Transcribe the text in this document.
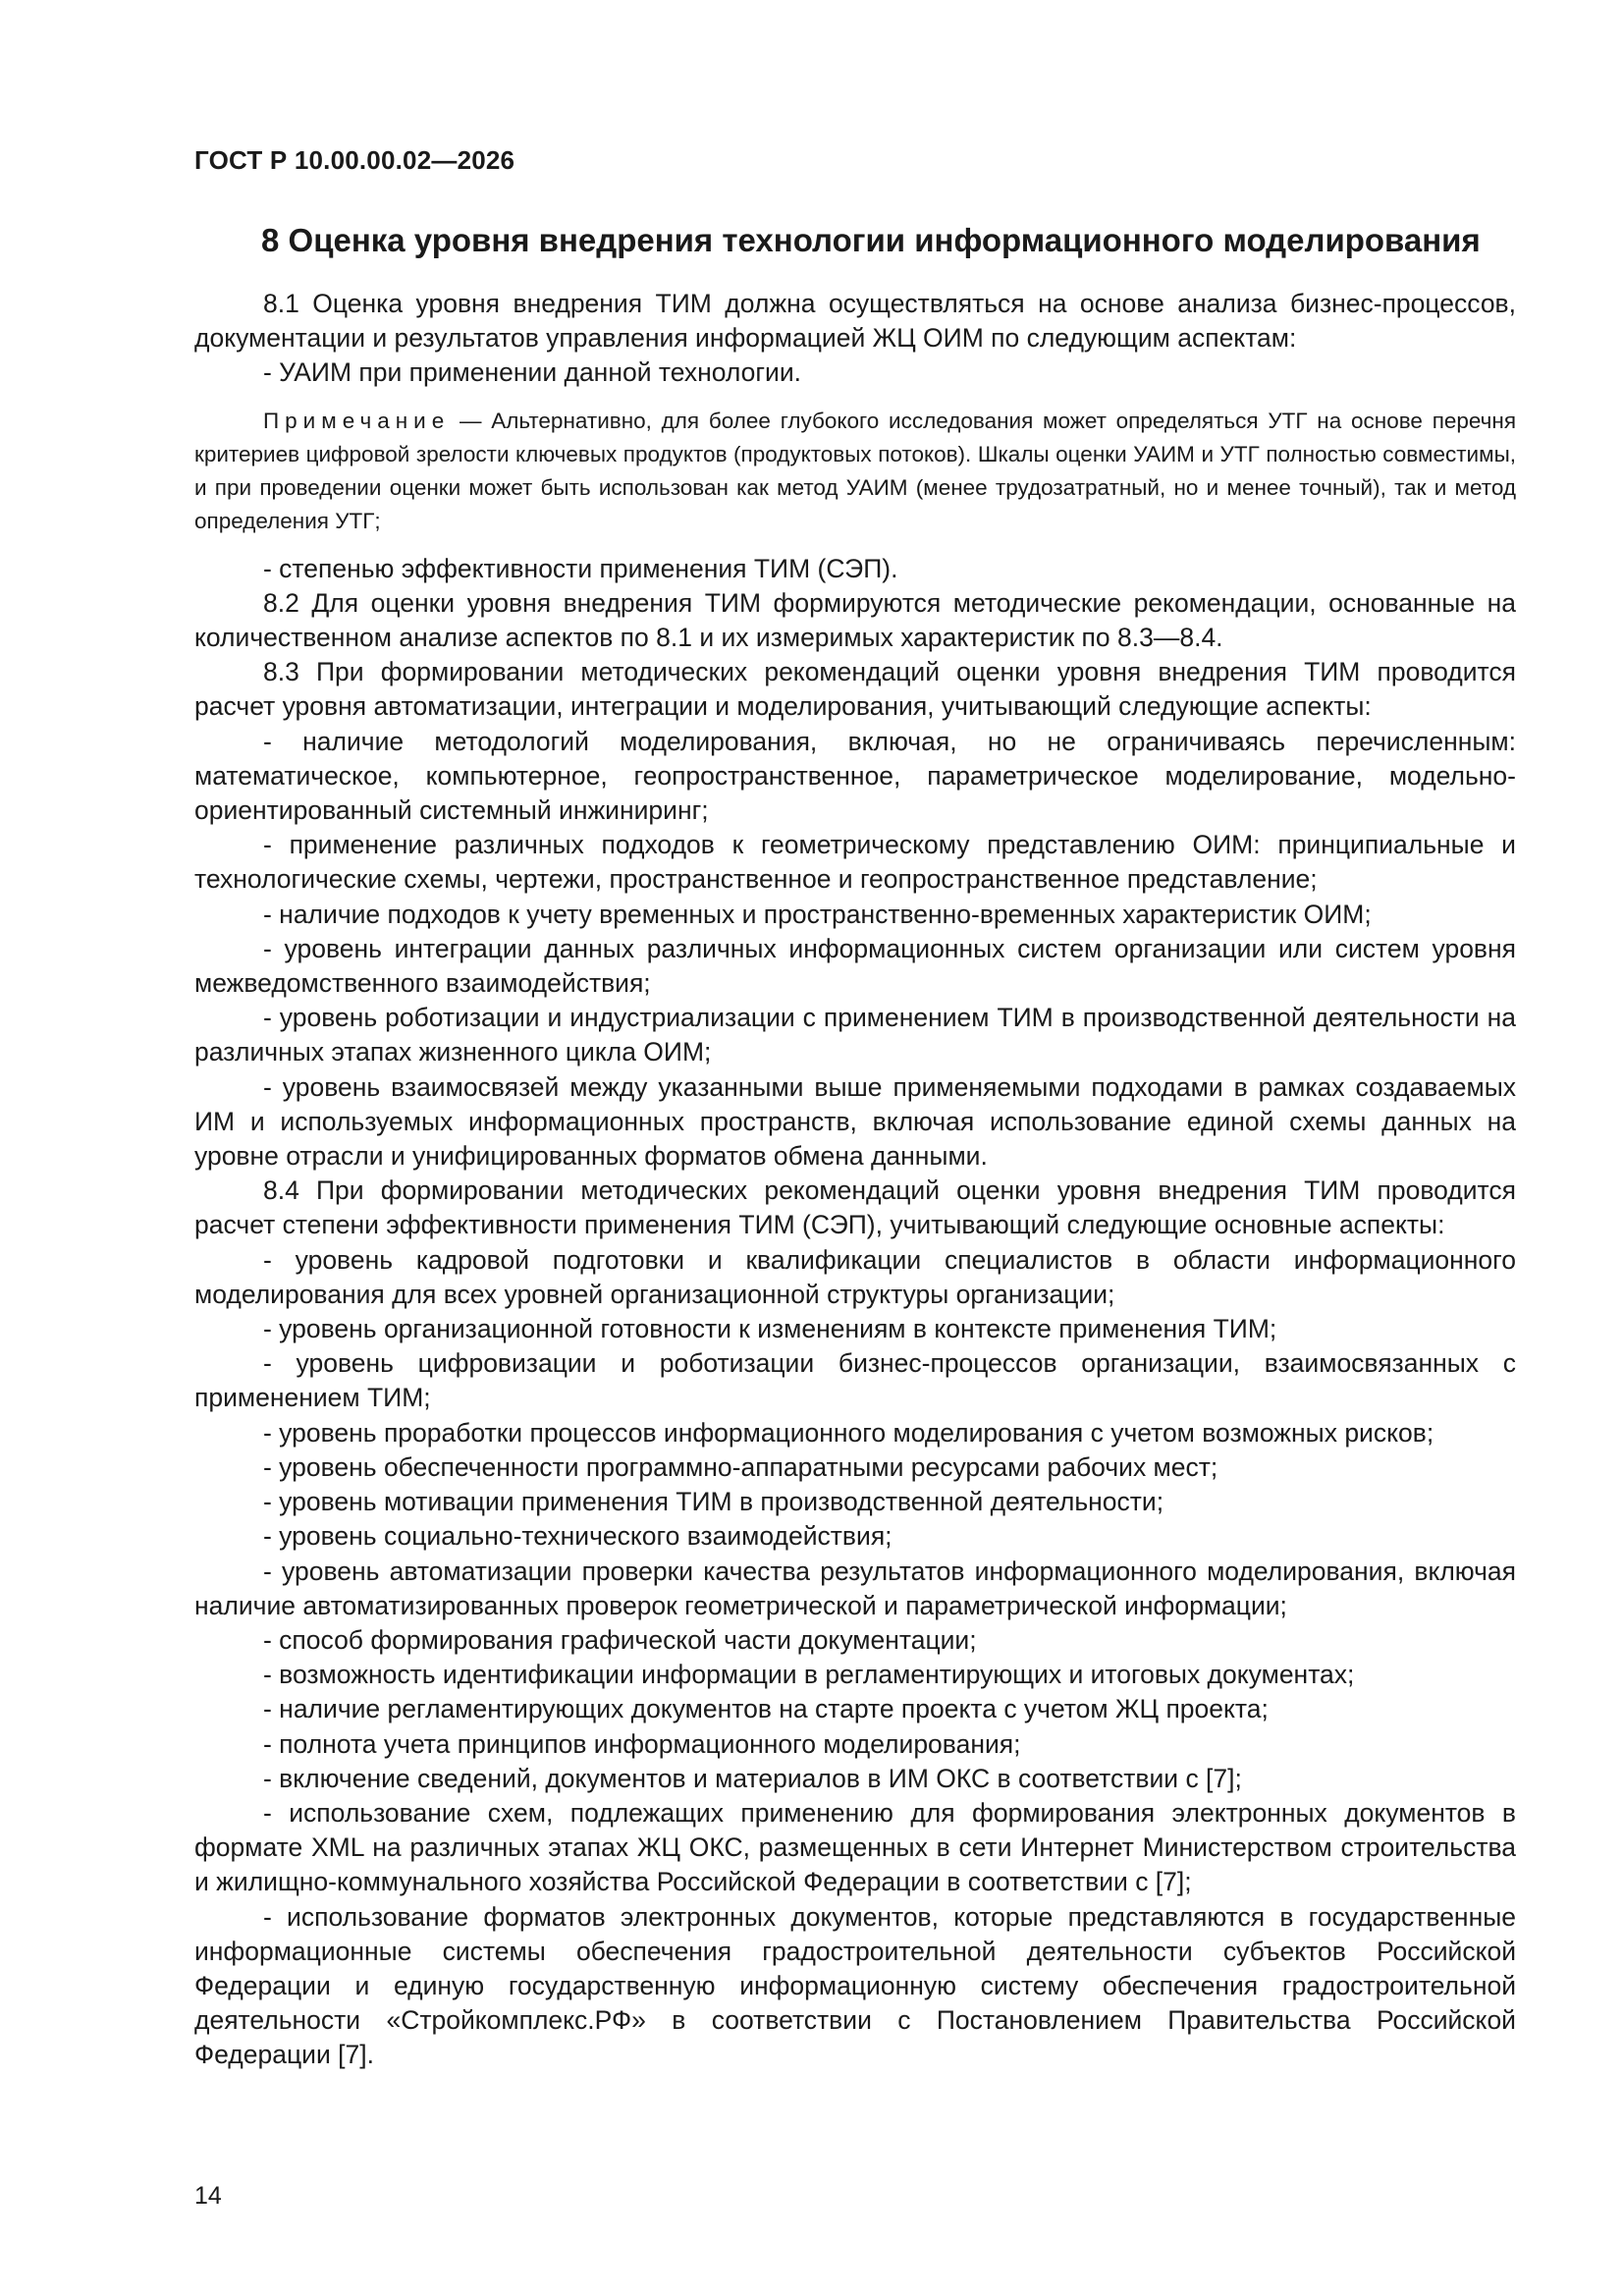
ГОСТ Р 10.00.00.02—2026
8 Оценка уровня внедрения технологии информационного моделирования

8.1 Оценка уровня внедрения ТИМ должна осуществляться на основе анализа бизнес-процессов, документации и результатов управления информацией ЖЦ ОИМ по следующим аспектам:

- УАИМ при применении данной технологии.

Примечание — Альтернативно, для более глубокого исследования может определяться УТГ на основе перечня критериев цифровой зрелости ключевых продуктов (продуктовых потоков). Шкалы оценки УАИМ и УТГ полностью совместимы, и при проведении оценки может быть использован как метод УАИМ (менее трудозатратный, но и менее точный), так и метод определения УТГ;

- степенью эффективности применения ТИМ (СЭП).

8.2 Для оценки уровня внедрения ТИМ формируются методические рекомендации, основанные на количественном анализе аспектов по 8.1 и их измеримых характеристик по 8.3—8.4.

8.3 При формировании методических рекомендаций оценки уровня внедрения ТИМ проводится расчет уровня автоматизации, интеграции и моделирования, учитывающий следующие аспекты:

- наличие методологий моделирования, включая, но не ограничиваясь перечисленным: математическое, компьютерное, геопространственное, параметрическое моделирование, модельно-ориентированный системный инжиниринг;

- применение различных подходов к геометрическому представлению ОИМ: принципиальные и технологические схемы, чертежи, пространственное и геопространственное представление;

- наличие подходов к учету временных и пространственно-временных характеристик ОИМ;

- уровень интеграции данных различных информационных систем организации или систем уровня межведомственного взаимодействия;

- уровень роботизации и индустриализации с применением ТИМ в производственной деятельности на различных этапах жизненного цикла ОИМ;

- уровень взаимосвязей между указанными выше применяемыми подходами в рамках создаваемых ИМ и используемых информационных пространств, включая использование единой схемы данных на уровне отрасли и унифицированных форматов обмена данными.

8.4 При формировании методических рекомендаций оценки уровня внедрения ТИМ проводится расчет степени эффективности применения ТИМ (СЭП), учитывающий следующие основные аспекты:

- уровень кадровой подготовки и квалификации специалистов в области информационного моделирования для всех уровней организационной структуры организации;

- уровень организационной готовности к изменениям в контексте применения ТИМ;

- уровень цифровизации и роботизации бизнес-процессов организации, взаимосвязанных с применением ТИМ;

- уровень проработки процессов информационного моделирования с учетом возможных рисков;

- уровень обеспеченности программно-аппаратными ресурсами рабочих мест;

- уровень мотивации применения ТИМ в производственной деятельности;

- уровень социально-технического взаимодействия;

- уровень автоматизации проверки качества результатов информационного моделирования, включая наличие автоматизированных проверок геометрической и параметрической информации;

- способ формирования графической части документации;

- возможность идентификации информации в регламентирующих и итоговых документах;

- наличие регламентирующих документов на старте проекта с учетом ЖЦ проекта;

- полнота учета принципов информационного моделирования;

- включение сведений, документов и материалов в ИМ ОКС в соответствии с [7];

- использование схем, подлежащих применению для формирования электронных документов в формате XML на различных этапах ЖЦ ОКС, размещенных в сети Интернет Министерством строительства и жилищно-коммунального хозяйства Российской Федерации в соответствии с [7];

- использование форматов электронных документов, которые представляются в государственные информационные системы обеспечения градостроительной деятельности субъектов Российской Федерации и единую государственную информационную систему обеспечения градостроительной деятельности «Стройкомплекс.РФ» в соответствии с Постановлением Правительства Российской Федерации [7].

14
